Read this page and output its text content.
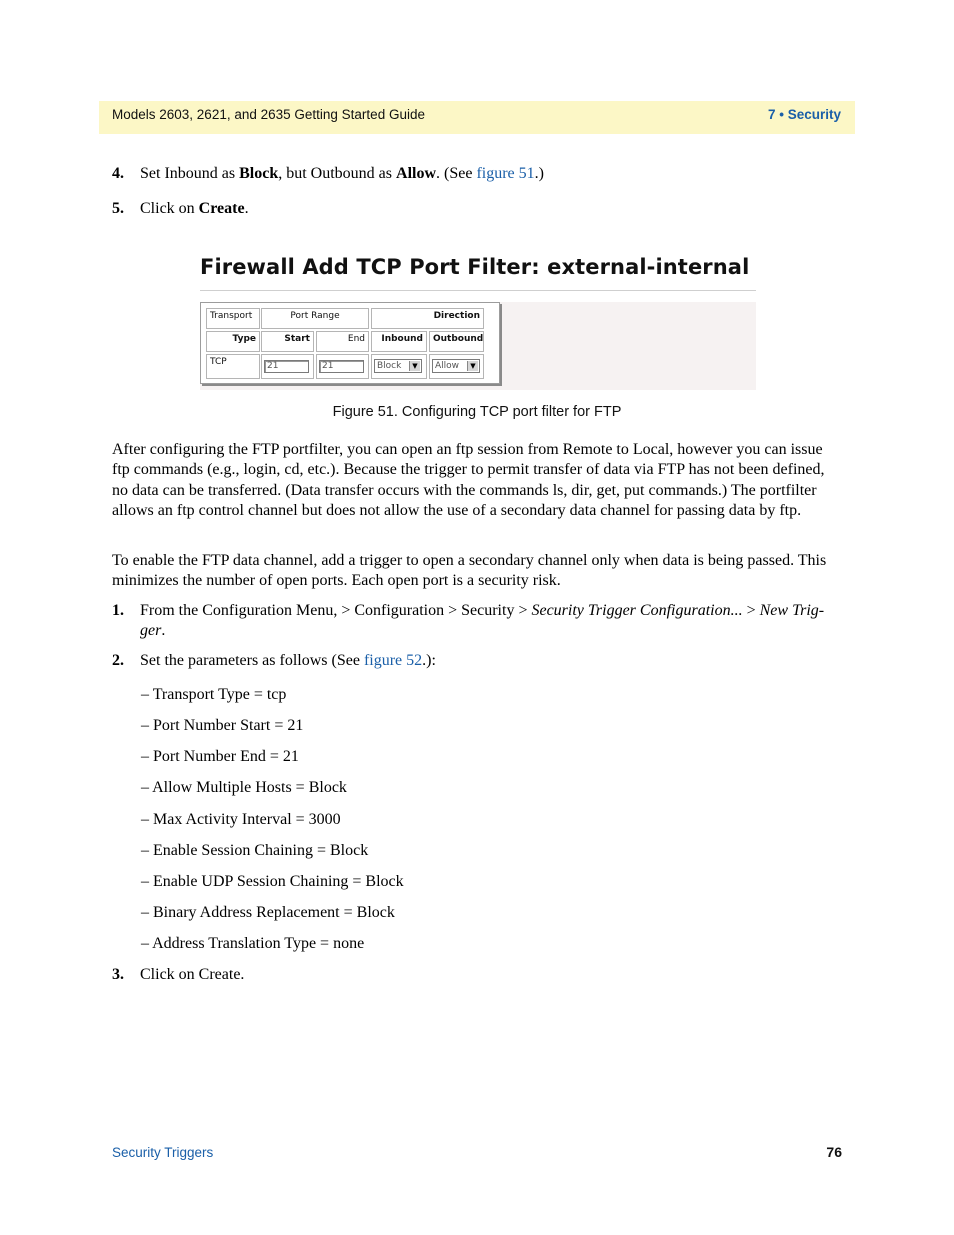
Models 2603, 2621, and 2635 Getting Started Guide	7 • Security
4. Set Inbound as Block, but Outbound as Allow. (See figure 51.)
5. Click on Create.
Firewall Add TCP Port Filter: external-internal
Transport	Port Range	Direction
Type	Start	End	Inbound	Outbound
TCP	21	21	Block	▼	Allow	▼
Figure 51. Configuring TCP port filter for FTP

After configuring the FTP portfilter, you can open an ftp session from Remote to Local, however you can issue ftp commands (e.g., login, cd, etc.). Because the trigger to permit transfer of data via FTP has not been defined, no data can be transferred. (Data transfer occurs with the commands ls, dir, get, put commands.) The portfilter allows an ftp control channel but does not allow the use of a secondary data channel for passing data by ftp.

To enable the FTP data channel, add a trigger to open a secondary channel only when data is being passed. This minimizes the number of open ports. Each open port is a security risk.

1. From the Configuration Menu, > Configuration > Security > Security Trigger Configuration... > New Trig-
ger.
2. Set the parameters as follows (See figure 52.):
– Transport Type = tcp
– Port Number Start = 21
– Port Number End = 21
– Allow Multiple Hosts = Block
– Max Activity Interval = 3000
– Enable Session Chaining = Block
– Enable UDP Session Chaining = Block
– Binary Address Replacement = Block
– Address Translation Type = none
3. Click on Create.
Security Triggers	76
